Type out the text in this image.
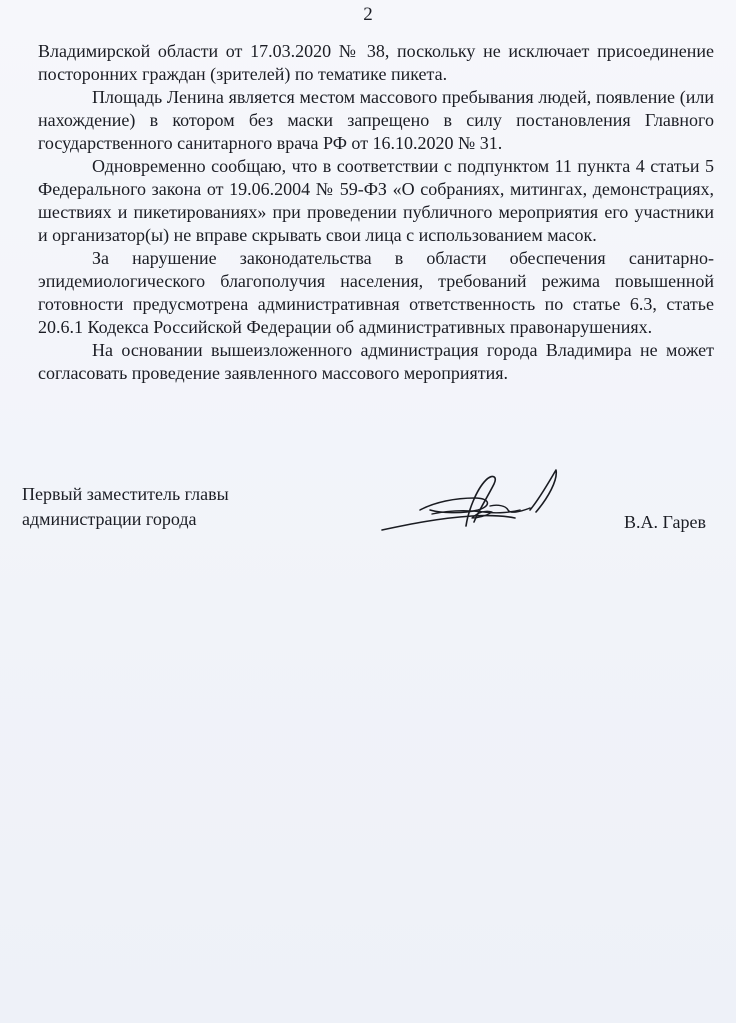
2

Владимирской области от 17.03.2020 № 38, поскольку не исключает присоединение посторонних граждан (зрителей) по тематике пикета.

Площадь Ленина является местом массового пребывания людей, появление (или нахождение) в котором без маски запрещено в силу постановления Главного государственного санитарного врача РФ от 16.10.2020 № 31.

Одновременно сообщаю, что в соответствии с подпунктом 11 пункта 4 статьи 5 Федерального закона от 19.06.2004 № 59-ФЗ «О собраниях, митингах, демонстрациях, шествиях и пикетированиях» при проведении публичного мероприятия его участники и организатор(ы) не вправе скрывать свои лица с использованием масок.

За нарушение законодательства в области обеспечения санитарно-эпидемиологического благополучия населения, требований режима повышенной готовности предусмотрена административная ответственность по статье 6.3, статье 20.6.1 Кодекса Российской Федерации об административных правонарушениях.

На основании вышеизложенного администрация города Владимира не может согласовать проведение заявленного массового мероприятия.

Первый заместитель главы
администрации города	В.А. Гарев
